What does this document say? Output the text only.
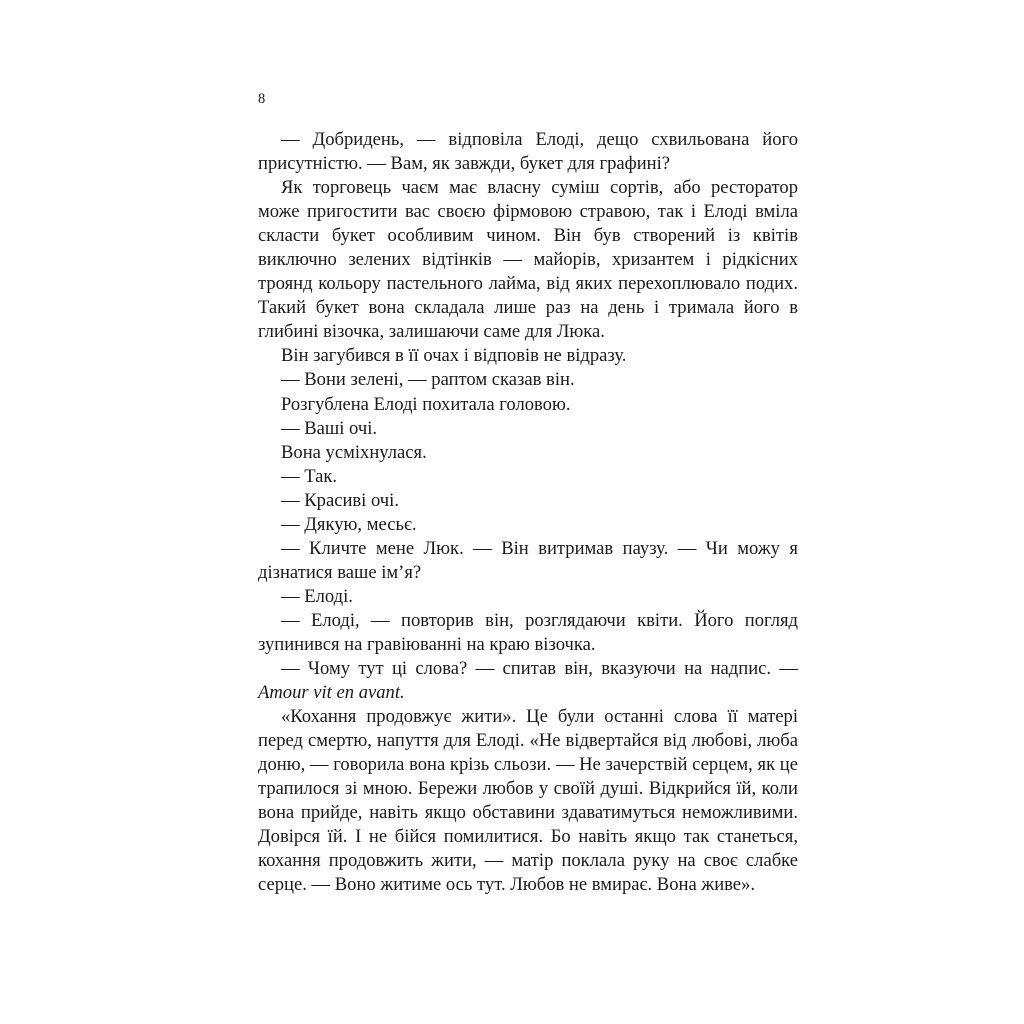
8

— Добридень, — відповіла Елоді, дещо схвильована його присутністю. — Вам, як завжди, букет для графині?

Як торговець чаєм має власну суміш сортів, або ресторатор може пригостити вас своєю фірмовою стравою, так і Елоді вміла скласти букет особливим чином. Він був створений із квітів виключно зелених відтінків — майорів, хризантем і рідкісних троянд кольору пастельного лайма, від яких перехоплювало подих. Такий букет вона складала лише раз на день і тримала його в глибині візочка, залишаючи саме для Люка.

Він загубився в її очах і відповів не відразу.

— Вони зелені, — раптом сказав він.

Розгублена Елоді похитала головою.

— Ваші очі.

Вона усміхнулася.

— Так.

— Красиві очі.

— Дякую, месьє.

— Кличте мене Люк. — Він витримав паузу. — Чи можу я дізнатися ваше ім’я?

— Елоді.

— Елоді, — повторив він, розглядаючи квіти. Його погляд зупинився на гравіюванні на краю візочка.

— Чому тут ці слова? — спитав він, вказуючи на надпис. — Amour vit en avant.

«Кохання продовжує жити». Це були останні слова її матері перед смертю, напуття для Елоді. «Не відвертайся від любові, люба доню, — говорила вона крізь сльози. — Не зачерствій серцем, як це трапилося зі мною. Бережи любов у своїй душі. Відкрийся їй, коли вона прийде, навіть якщо обставини здаватимуться неможливими. Довірся їй. І не бійся помилитися. Бо навіть якщо так станеться, кохання продовжить жити, — матір поклала руку на своє слабке серце. — Воно житиме ось тут. Любов не вмирає. Вона живе».
